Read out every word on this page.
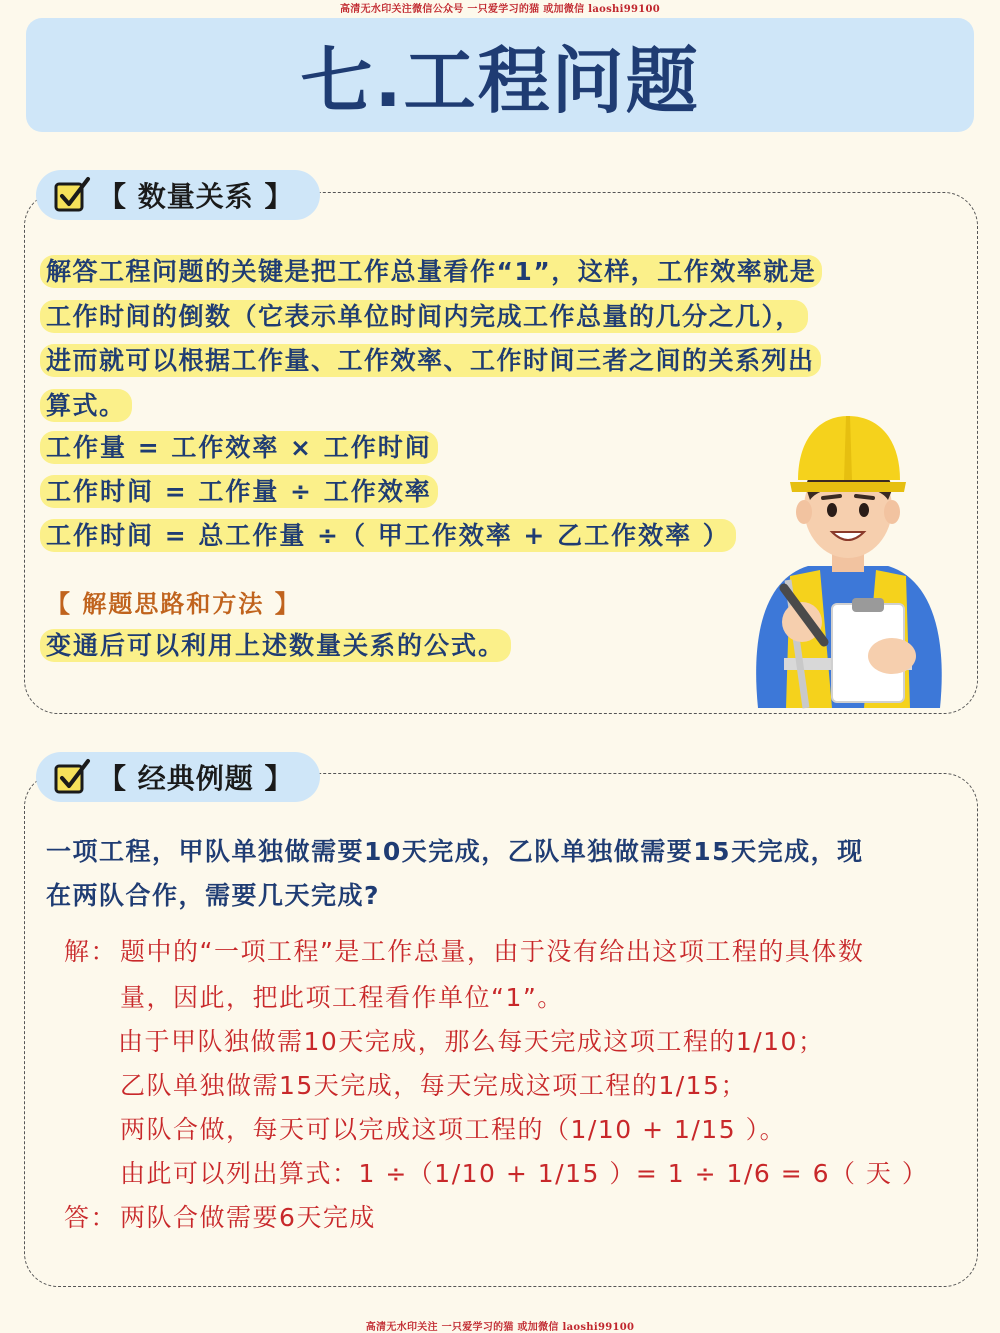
高清无水印关注微信公众号 一只爱学习的猫 或加微信 laoshi99100
七.工程问题
【 数量关系 】
解答工程问题的关键是把工作总量看作“1”，这样，工作效率就是
工作时间的倒数（它表示单位时间内完成工作总量的几分之几），
进而就可以根据工作量、工作效率、工作时间三者之间的关系列出
算式。
工作量 = 工作效率 × 工作时间
工作时间 = 工作量 ÷ 工作效率
工作时间 = 总工作量 ÷（ 甲工作效率 + 乙工作效率 ）
【 解题思路和方法 】
变通后可以利用上述数量关系的公式。
【 经典例题 】
一项工程，甲队单独做需要10天完成，乙队单独做需要15天完成，现
在两队合作，需要几天完成?
解： 题中的“一项工程”是工作总量，由于没有给出这项工程的具体数
量，因此，把此项工程看作单位“1”。
由于甲队独做需10天完成，那么每天完成这项工程的1/10；
乙队单独做需15天完成，每天完成这项工程的1/15；
两队合做，每天可以完成这项工程的（1/10 + 1/15 ）。
由此可以列出算式：1 ÷（1/10 + 1/15 ）= 1 ÷ 1/6 = 6（ 天 ）
答： 两队合做需要6天完成
高清无水印关注 一只爱学习的猫 或加微信 laoshi99100
